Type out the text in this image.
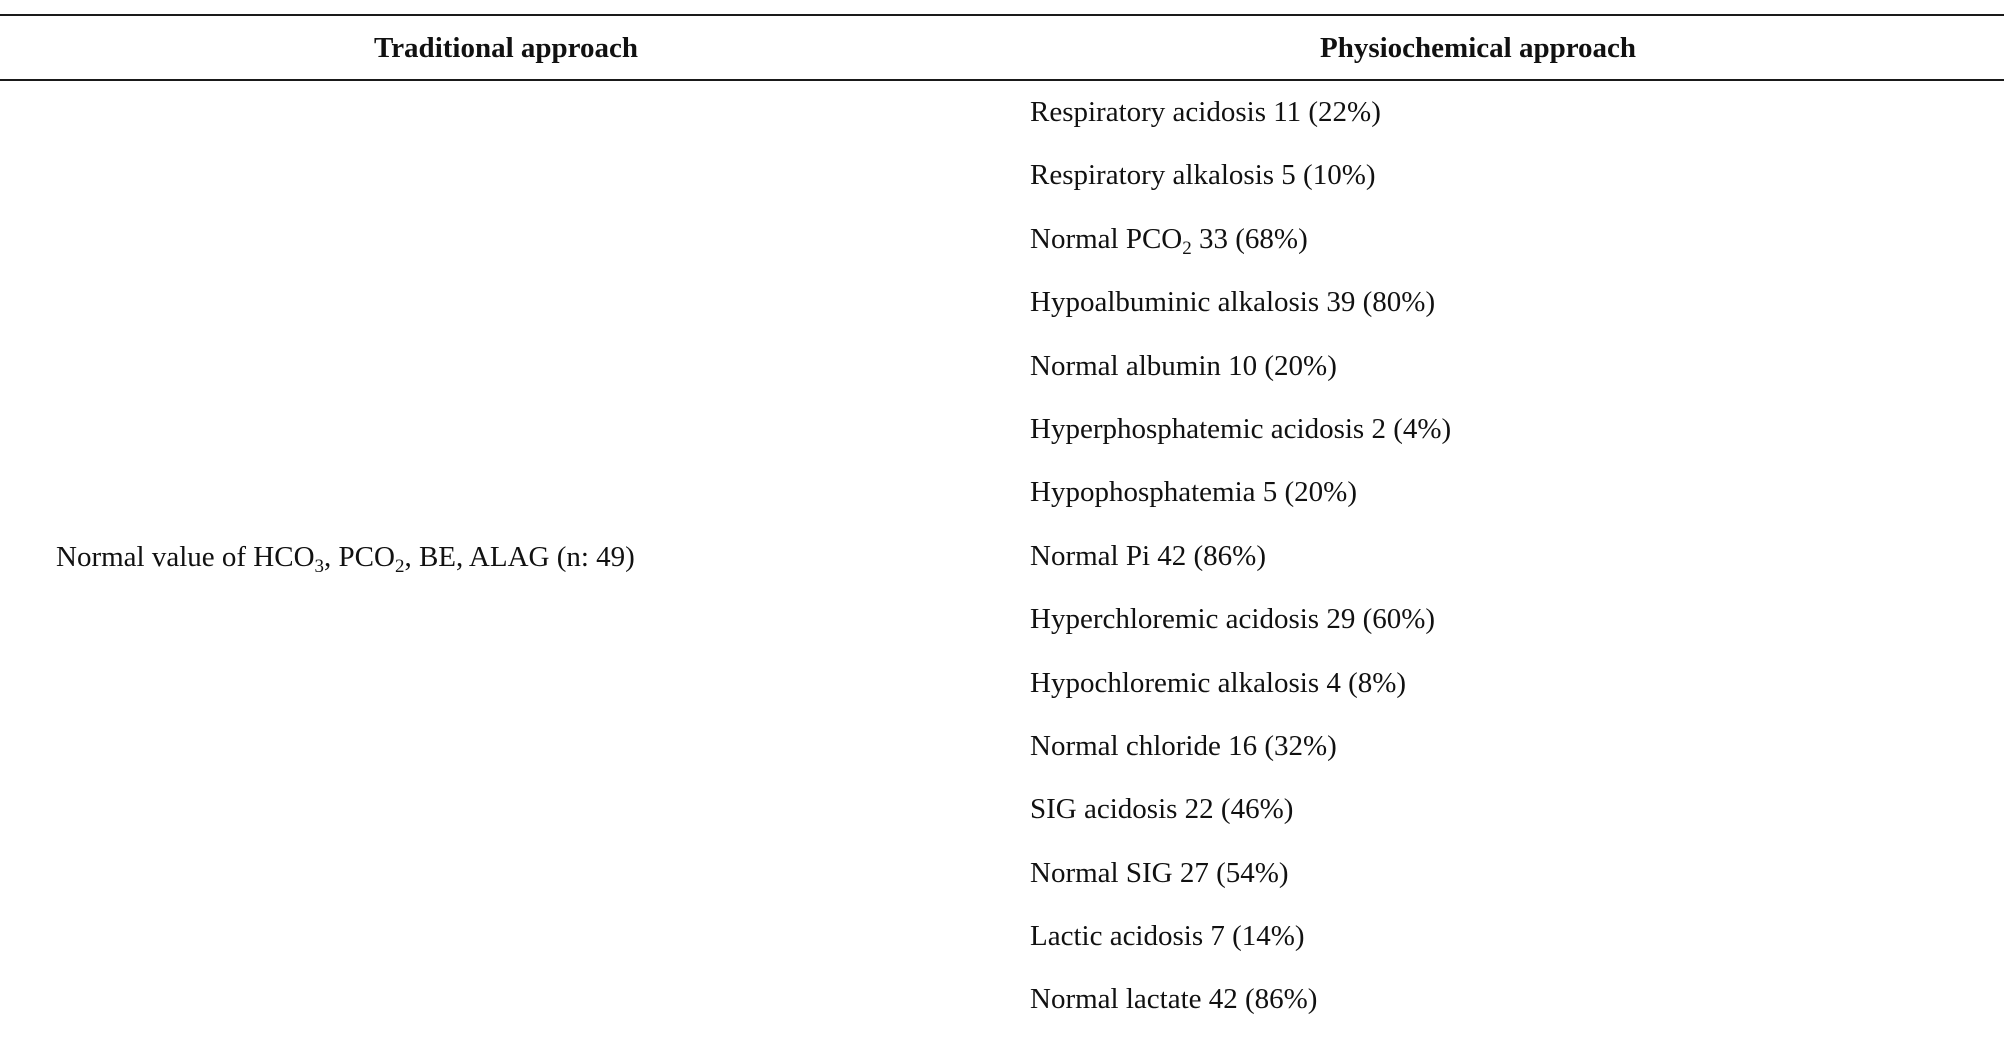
Traditional approach	Physiochemical approach
Normal value of $HCO_3$, $PCO_2$, BE, ALAG (n: 49)
Respiratory acidosis 11 (22%)
Respiratory alkalosis 5 (10%)
Normal $PCO_2$ 33 (68%)
Hypoalbuminic alkalosis 39 (80%)
Normal albumin 10 (20%)
Hyperphosphatemic acidosis 2 (4%)
Hypophosphatemia 5 (20%)
Normal Pi 42 (86%)
Hyperchloremic acidosis 29 (60%)
Hypochloremic alkalosis 4 (8%)
Normal chloride 16 (32%)
SIG acidosis 22 (46%)
Normal SIG 27 (54%)
Lactic acidosis 7 (14%)
Normal lactate 42 (86%)
